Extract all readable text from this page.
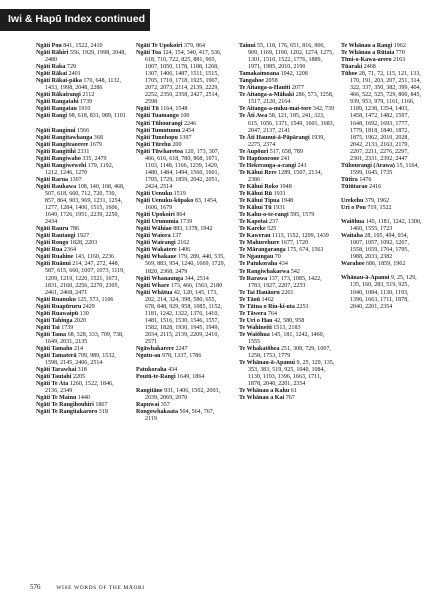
Iwi & Hapū Index continued
Ngāti Pou 841, 1522, 2410
Ngāti Rāhiri 556, 1929, 1998, 2048, 2480
Ngāti Raka 729
Ngāti Rākai 2401
Ngāti Rākai-pāka 170, 648, 1132, 1433, 1998, 2048, 2286
Ngāti Rākairangi 2112
Ngāti Rangatahi 1739
Ngāti Rangatau 1910
Ngāti Rangi 98, 618, 831, 989, 1101
Ngāti Ranginui 1566
Ngāti Rangitawhanga 368
Ngāti Rangiteaorere 1679
Ngāti Rangitihi 2331
Ngāti Rangiwaho 335, 2479
Ngāti Rangiwewehi 179, 1192, 1212, 1246, 1270
Ngāti Rarua 1307
Ngāti Raukawa 108, 140, 168, 468, 507, 618, 660, 712, 720, 730, 857, 864, 903, 969, 1231, 1254, 1277, 1284, 1406, 1515, 1606, 1649, 1726, 1951, 2239, 2250, 2434
Ngāti Rauru 786
Ngāti Rautangi 1927
Ngāti Rongo 1828, 2203
Ngāti Rua 2364
Ngāti Ruahine 143, 1160, 2236
Ngāti Ruānui 214, 247, 272, 448, 587, 615, 660, 1007, 1073, 1119, 1209, 1219, 1220, 1521, 1673, 1831, 2160, 2256, 2270, 2305, 2461, 2468, 2471
Ngāti Ruanuku 125, 573, 1106
Ngāti Ruapūruru 2429
Ngāti Ruawaipū 130
Ngāti Tahinga 2020
Ngāti Tai 1739
Ngāti Tama 68, 328, 333, 709, 738, 1649, 2031, 2135
Ngāti Tamaho 214
Ngāti Tamaterā 709, 989, 1532, 1598, 2145, 2406, 2514
Ngāti Tarawhai 318
Ngāti Tautahi 2205
Ngāti Te Ata 1260, 1522, 1846, 2136, 2349
Ngāti Te Mainu 1440
Ngāti Te Rangihouhiri 1867
Ngāti Te Rangitakaroro 318
Ngāti Te Upokoiri 379, 864
Ngāti Toa 124, 154, 340, 417, 536, 618, 710, 722, 825, 881, 903, 1007, 1050, 1178, 1188, 1268, 1307, 1406, 1487, 1511, 1515, 1705, 1710, 1718, 1925, 1967, 2072, 2073, 2114, 2139, 2229, 2252, 2350, 2358, 2427, 2514, 2598
Ngāti Tū 1164, 1548
Ngāti Tuamango 100
Ngāti Tūhourangi 2246
Ngāti Tumutumu 2454
Ngāti Tunohopu 1397
Ngāti Tūrehu 200
Ngāti Tūwharetoa 120, 173, 307, 466, 616, 618, 780, 868, 1071, 1103, 1148, 1166, 1239, 1429, 1480, 1484, 1494, 1560, 1601, 1705, 1729, 1859, 2042, 2051, 2424, 2514
Ngāti Uenuku 1519
Ngāti Uenuku-kōpako 83, 1454, 1606, 1679
Ngāti Upokoiri 864
Ngāti Urunumia 1739
Ngāti Wāhiao 883, 1378, 1942
Ngāti Waiora 137
Ngāti Wairangi 2162
Ngāti Wakatere 1406
Ngāti Whakaue 179, 289, 440, 535, 569, 883, 954, 1240, 1669, 1729, 1820, 2368, 2479
Ngāti Whanaunga 344, 2514
Ngāti Wharе 173, 466, 1563, 2180
Ngāti Whātua 42, 120, 145, 173, 202, 214, 324, 398, 580, 655, 678, 848, 929, 958, 1085, 1152, 1181, 1242, 1322, 1376, 1410, 1481, 1516, 1530, 1546, 1557, 1582, 1828, 1930, 1945, 1949, 2034, 2115, 2139, 2209, 2410, 2571
Ngāwhakarere 2247
Ngutu-au 978, 1337, 1786
Patukoraha 434
Poutū-te-Rangi 1649, 1864
Rangitāne 931, 1406, 1502, 2003, 2039, 2069, 2070
Rapuwai 357
Rongowhakaata 504, 564, 767, 2119
Tainui 55, 118, 176, 651, 816, 906, 909, 1169, 1190, 1202, 1274, 1275, 1301, 1510, 1522, 1776, 1889, 1971, 1985, 2010, 2190
Tamakaimoana 1042, 1208
Tangahoe 2058
Te Aitanga-a-Hauiti 2077
Te Aitanga-a-Māhaki 286, 573, 1258, 1517, 2120, 2164
Te Aitanga-a-nuku-mai-tore 342, 739
Te Āti Awa 58, 121, 185, 241, 323, 615, 1056, 1371, 1549, 1601, 1683, 2047, 2137, 2141
Te Āti Haunui-ā-Pāpārangi 1939, 2275, 2374
Te Aupōuri 517, 658, 789
Te Hapūoneone 241
Te Hekeranga-a-rangi 241
Te Kāhui Rere 1289, 1507, 2134, 2386
Te Kāhui Roko 1948
Te Kāhui Rū 1931
Te Kāhui Tipua 1948
Te Kāhui Tū 1931
Te Kahu-o-te-rangi 595, 1579
Te Kapotai 237
Te Kareke 525
Te Kawerau 1113, 1152, 1299, 1439
Te Mahurehure 1677, 1720
Te Mārangaranga 175, 674, 1563
Te Ngaungau 70
Te Patukoraha 434
Te Rangiwhakaewa 542
Te Rarawa 137, 173, 1085, 1422, 1783, 1927, 2207, 2253
Te Tai Hauāuru 2261
Te Tāoū 1462
Te Tātua o Riu-ki-uta 2253
Te Tāwera 764
Te Uri o Hau 42, 580, 958
Te Wahineiti 1513, 2183
Te Waiōhua 145, 181, 1242, 1460, 1555
Te Whakatōhea 251, 308, 729, 1007, 1258, 1753, 1779
Te Whānau-ā-Apanui 9, 25, 129, 135, 353, 383, 519, 925, 1040, 1084, 1130, 1193, 1396, 1663, 1711, 1878, 2040, 2201, 2354
Te Whānau a Kahu 61
Te Whānau a Kai 767
Te Whānau a Rangi 1962
Te Whānau a Rūtaia 770
Tīmi-o-Kawa-arero 2163
Tūaraki 2468
Tūhoe 28, 71, 72, 115, 121, 133, 170, 191, 203, 207, 251, 314, 322, 337, 350, 382, 399, 404, 466, 522, 525, 729, 800, 845, 939, 953, 979, 1161, 1166, 1189, 1238, 1354, 1403, 1458, 1472, 1482, 1597, 1648, 1692, 1693, 1777, 1779, 1818, 1840, 1872, 1875, 1962, 2010, 2028, 2042, 2133, 2163, 2179, 2207, 2211, 2276, 2297, 2301, 2331, 2392, 2447
Tūhourangi (Arawa) 15, 1164, 1599, 1645, 1735
Tūtira 1476
Tūtūtarao 2416
Urekehu 379, 1962
Uri o Pou 719, 1522
Waiōhua 145, 1181, 1242, 1300, 1460, 1555, 1723
Waitaha 28, 195, 494, 934, 1007, 1057, 1092, 1267, 1558, 1659, 1764, 1795, 1988, 2033, 2382
Warahoe 686, 1859, 1962
Whānau-ā-Apanui 9, 25, 129, 135, 160, 283, 519, 925, 1040, 1084, 1130, 1193, 1396, 1663, 1711, 1878, 2040, 2201, 2354
576	WISE WORDS OF THE MĀORI
